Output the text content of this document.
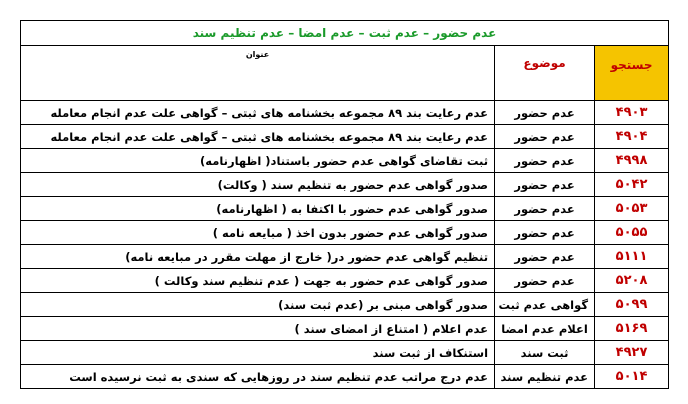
عدم حضور – عدم ثبت – عدم امضا – عدم تنظیم سند		
جستجو	موضوع	عنوان
۴۹۰۳	عدم حضور	عدم رعایت بند ۸۹ مجموعه بخشنامه های ثبتی – گواهی علت عدم انجام معامله
۴۹۰۴	عدم حضور	عدم رعایت بند ۸۹ مجموعه بخشنامه های ثبتی – گواهی علت عدم انجام معامله
۴۹۹۸	عدم حضور	ثبت تقاضای گواهی عدم حضور باستناد( اظهارنامه)
۵۰۴۲	عدم حضور	صدور گواهی عدم حضور به تنظیم سند ( وکالت)
۵۰۵۳	عدم حضور	صدور گواهی عدم حضور با اکتفا به ( اظهارنامه)
۵۰۵۵	عدم حضور	صدور گواهی عدم حضور بدون اخذ ( مبایعه نامه )
۵۱۱۱	عدم حضور	تنظیم گواهی عدم حضور در( خارج از مهلت مقرر در مبایعه نامه)
۵۲۰۸	عدم حضور	صدور گواهی عدم حضور به جهت ( عدم تنظیم سند وکالت )
۵۰۹۹	گواهی عدم ثبت	صدور گواهی مبنی بر (عدم ثبت سند)
۵۱۶۹	اعلام عدم امضا	عدم اعلام ( امتناع از امضای سند )
۴۹۲۷	ثبت سند	استنکاف از ثبت سند
۵۰۱۴	عدم تنظیم سند	عدم درج مراتب عدم تنظیم سند در روزهایی که سندی به ثبت نرسیده است
